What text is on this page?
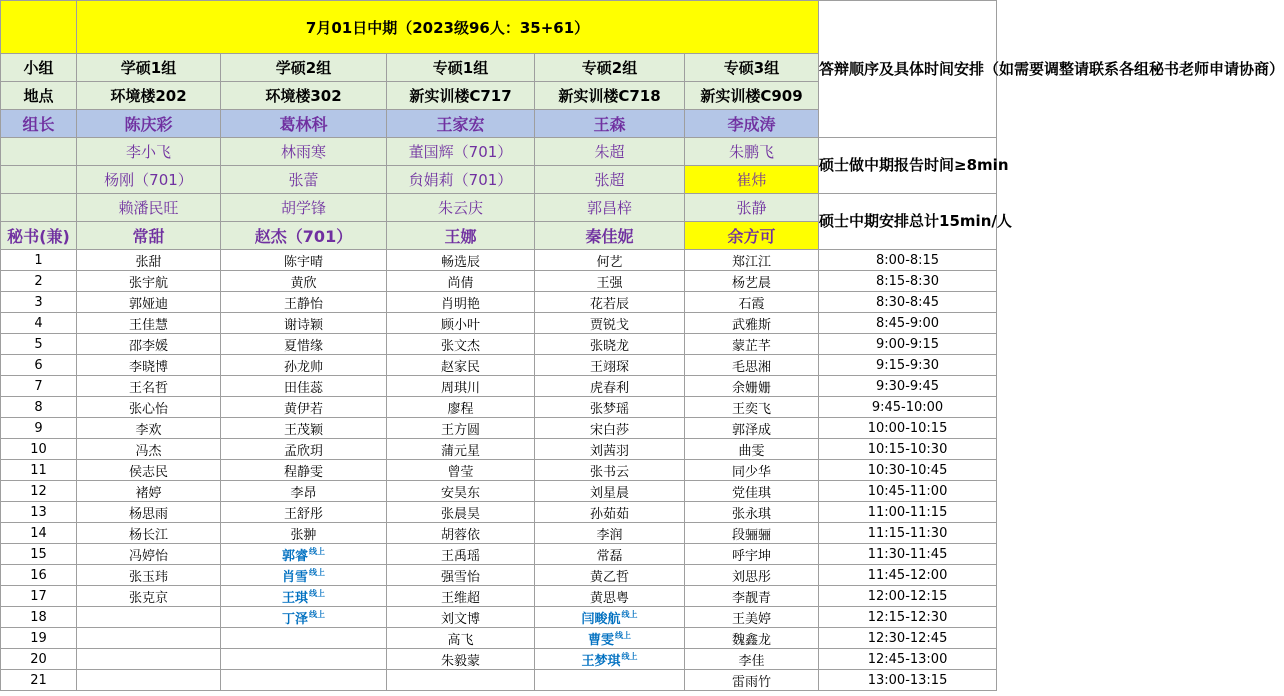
	7月01日中期（2023级96人：35+61）					答辩顺序及具体时间安排（如需要调整请联系各组秘书老师申请协商）
小组	学硕1组	学硕2组	专硕1组	专硕2组	专硕3组	
地点	环境楼202	环境楼302	新实训楼C717	新实训楼C718	新实训楼C909	
组长	陈庆彩	葛林科	王家宏	王森	李成涛	
	李小飞	林雨寒	董国辉（701）	朱超	朱鹏飞	硕士做中期报告时间≥8min
	杨刚（701）	张蕾	贠娟莉（701）	张超	崔炜	
	赖潘民旺	胡学锋	朱云庆	郭昌梓	张静	硕士中期安排总计15min/人
秘书(兼)	常甜	赵杰（701）	王娜	秦佳妮	余方可	
1	张甜	陈宇晴	畅选辰	何艺	郑江江	8:00-8:15
2	张宇航	黄欣	尚倩	王强	杨艺晨	8:15-8:30
3	郭娅迪	王静怡	肖明艳	花若辰	石霞	8:30-8:45
4	王佳慧	谢诗颖	顾小叶	贾锐戈	武雅斯	8:45-9:00
5	邵李媛	夏惜缘	张文杰	张晓龙	蒙芷芊	9:00-9:15
6	李晓博	孙龙帅	赵家民	王翊琛	毛思湘	9:15-9:30
7	王名哲	田佳蕊	周琪川	虎春利	余姗姗	9:30-9:45
8	张心怡	黄伊若	廖程	张梦瑶	王奕飞	9:45-10:00
9	李欢	王茂颖	王方圆	宋白莎	郭泽成	10:00-10:15
10	冯杰	孟欣玥	蒲元星	刘茜羽	曲雯	10:15-10:30
11	侯志民	程静雯	曾莹	张书云	同少华	10:30-10:45
12	褚婷	李昂	安昊东	刘星晨	党佳琪	10:45-11:00
13	杨思雨	王舒彤	张晨昊	孙茹茹	张永琪	11:00-11:15
14	杨长江	张翀	胡蓉依	李润	段骊骊	11:15-11:30
15	冯婷怡	郭睿$^{线上}$	王禹瑶	常磊	呼宇坤	11:30-11:45
16	张玉玮	肖雪$^{线上}$	强雪怡	黄乙哲	刘思彤	11:45-12:00
17	张克京	王琪$^{线上}$	王维超	黄思粤	李靓青	12:00-12:15
18		丁泽$^{线上}$	刘文博	闫畯航$^{线上}$	王美婷	12:15-12:30
19			高飞	曹雯$^{线上}$	魏鑫龙	12:30-12:45
20			朱毅蒙	王梦琪$^{线上}$	李佳	12:45-13:00
21					雷雨竹	13:00-13:15
